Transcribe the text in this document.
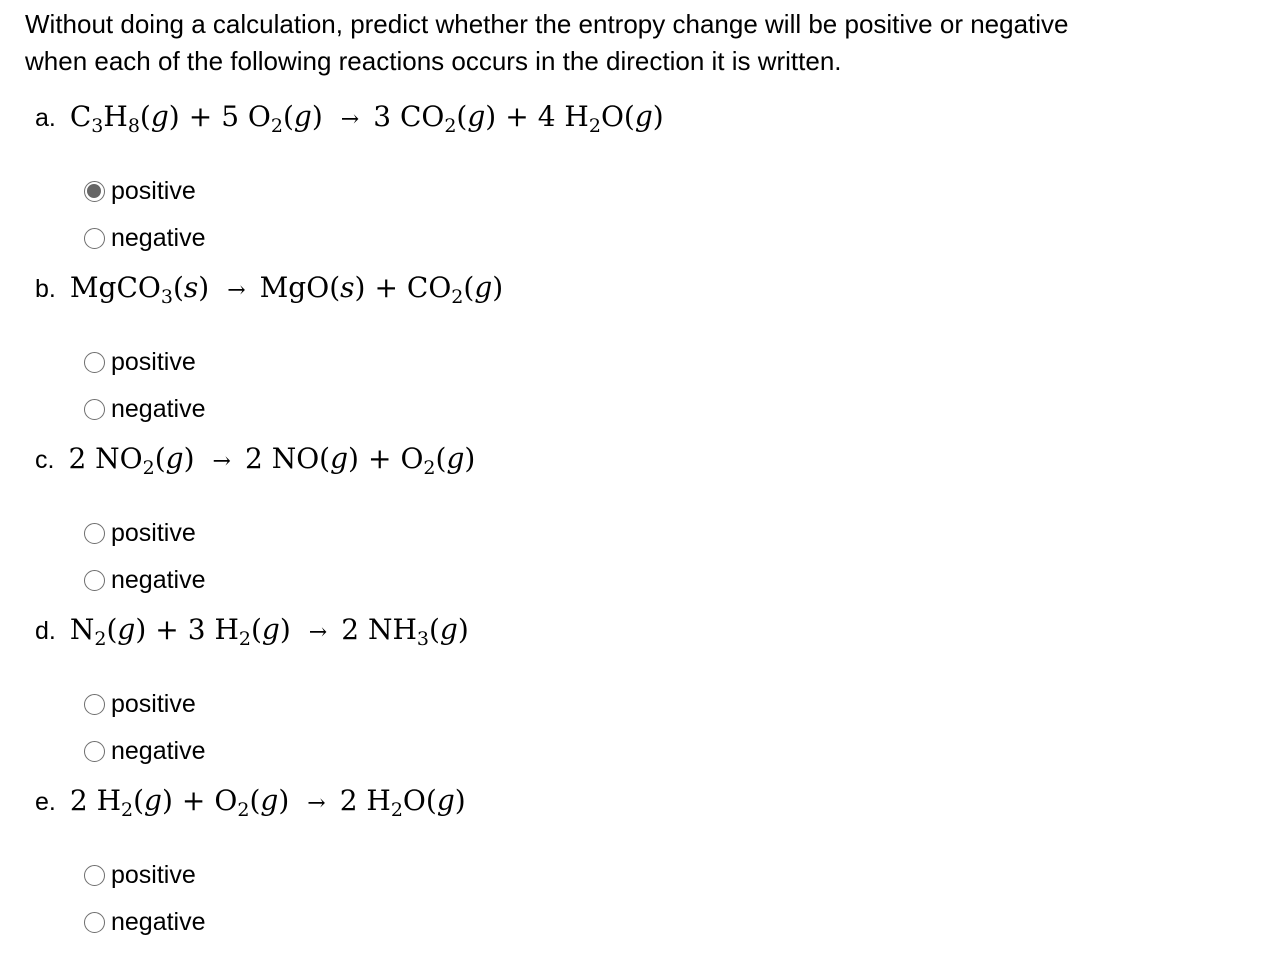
Without doing a calculation, predict whether the entropy change will be positive or negative
when each of the following reactions occurs in the direction it is written.

a. $C_3H_8(g) + 5$ $O_2(g) \to 3$ $CO_2(g) + 4$ $H_2O(g)$
positive
negative
b. MgCO$_3$(s) → $MgO(s) + CO_2(g)$
positive
negative
c. 2 $NO_2(g) \to 2$ $NO(g) + O_2(g)$
positive
negative
d. $N_2(g) + 3$ $H_2(g) \to 2$ $NH_3(g)$
positive
negative
e. 2 $H_2(g) + O_2(g) \to 2$ $H_2O(g)$
positive
negative
